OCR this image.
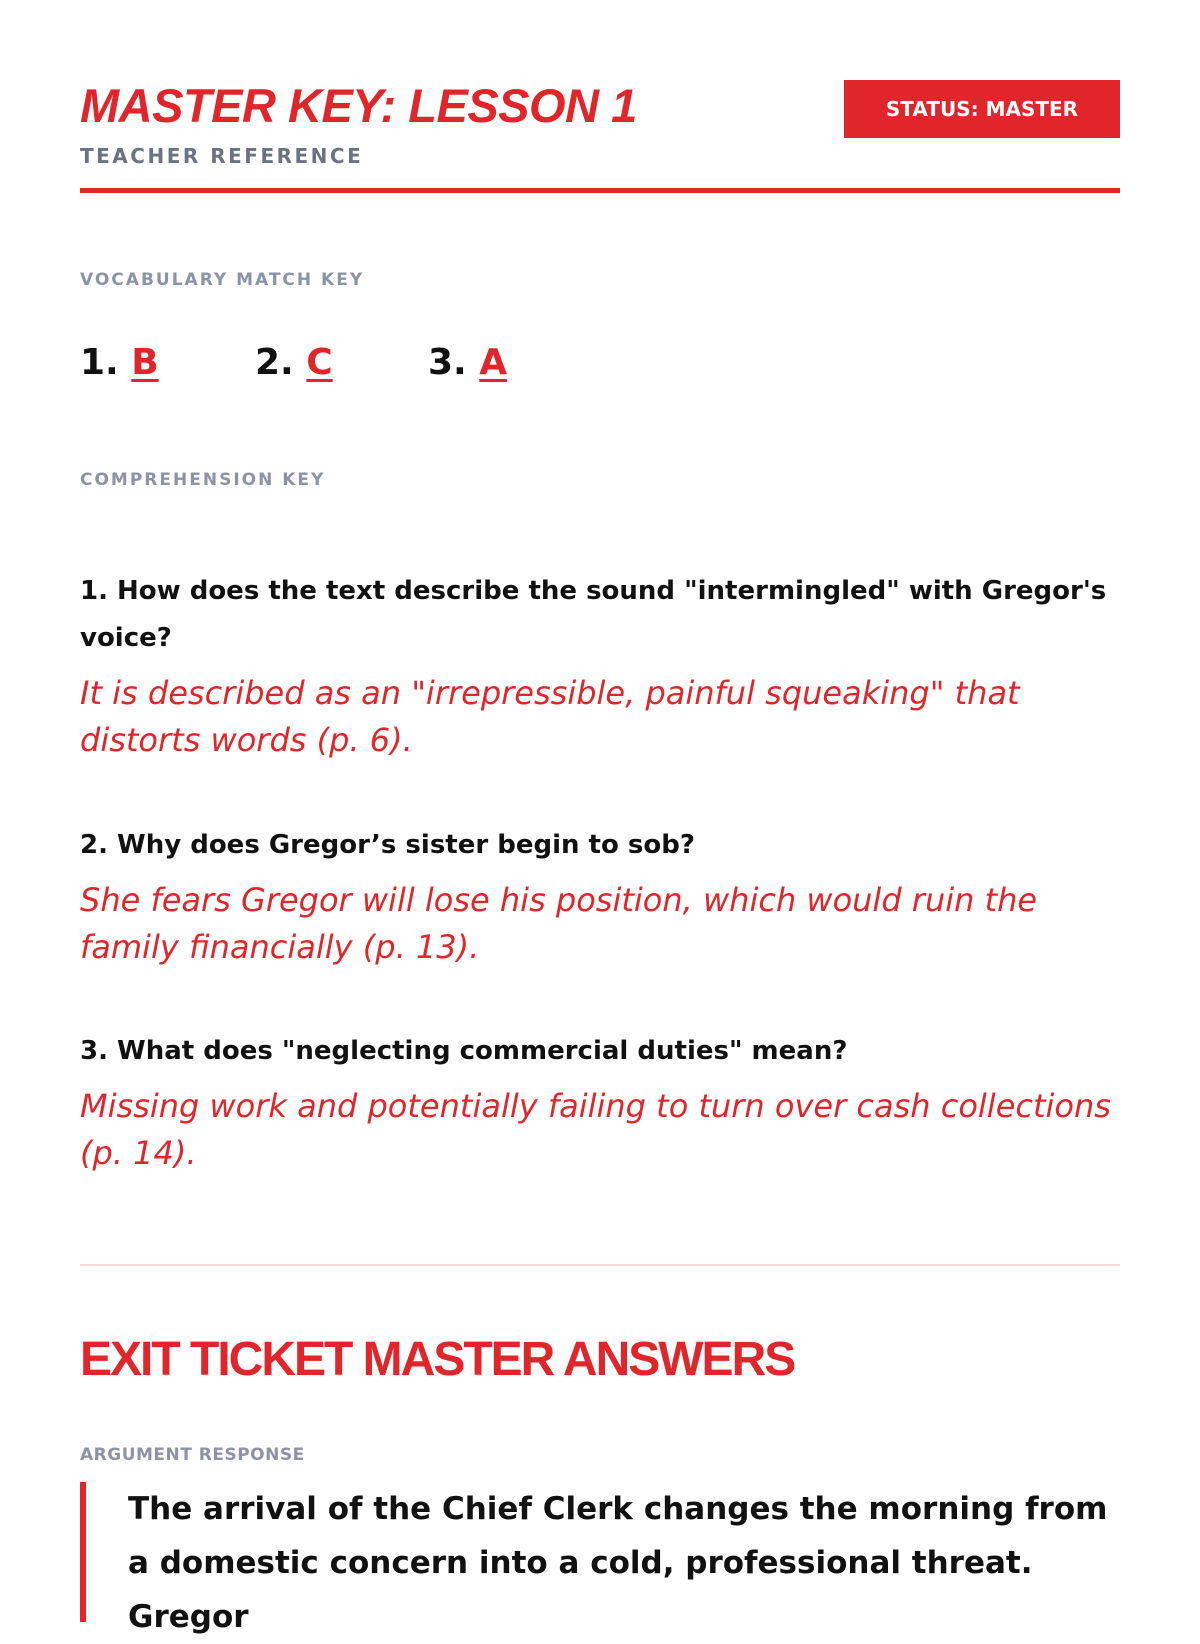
MASTER KEY: LESSON 1
TEACHER REFERENCE
STATUS: MASTER
VOCABULARY MATCH KEY
1. B	2. C	3. A
COMPREHENSION KEY

1. How does the text describe the sound "intermingled" with Gregor's voice?

It is described as an "irrepressible, painful squeaking" that distorts words (p. 6).

2. Why does Gregor’s sister begin to sob?

She fears Gregor will lose his position, which would ruin the family financially (p. 13).

3. What does "neglecting commercial duties" mean?

Missing work and potentially failing to turn over cash collections (p. 14).

EXIT TICKET MASTER ANSWERS
ARGUMENT RESPONSE

The arrival of the Chief Clerk changes the morning from a domestic concern into a cold, professional threat. Gregor
